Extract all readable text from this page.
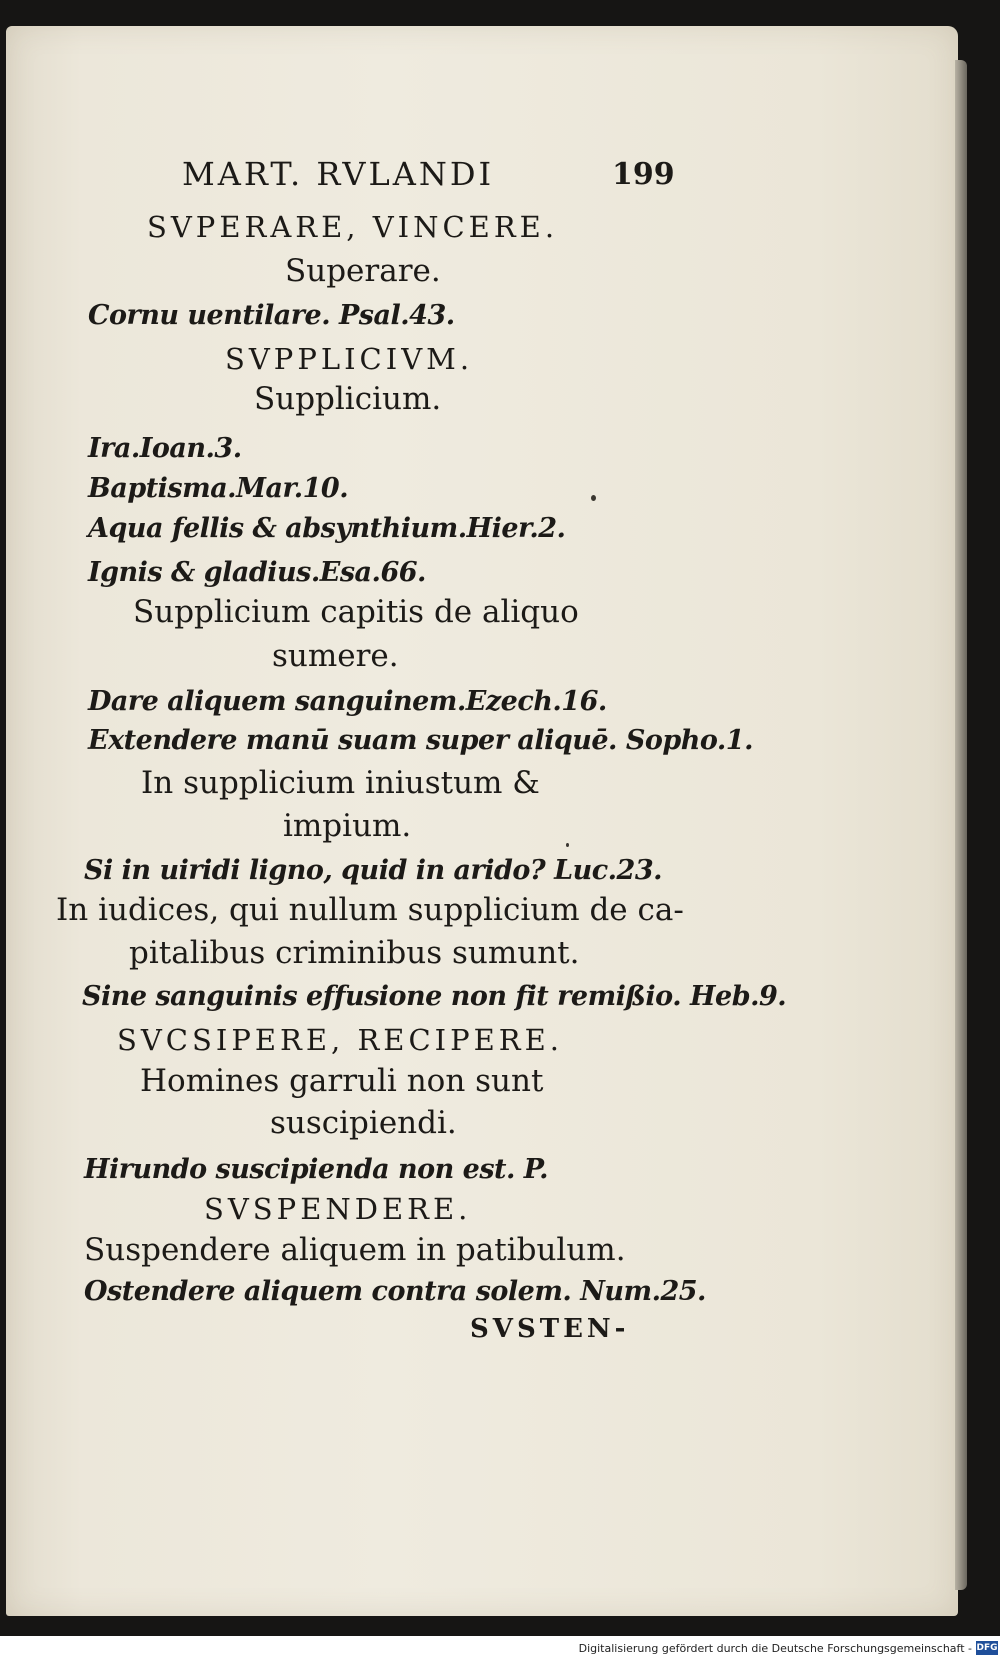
MART. RVLANDI	199
SVPERARE, VINCERE.
Superare.
Cornu uentilare. Psal.43.
SVPPLICIVM.
Supplicium.
Ira.Ioan.3.
Baptisma.Mar.10.
Aqua fellis & absynthium.Hier.2.
Ignis & gladius.Esa.66.
Supplicium capitis de aliquo
sumere.
Dare aliquem sanguinem.Ezech.16.
Extendere manū suam super aliquē. Sopho.1.
In supplicium iniustum &
impium.
Si in uiridi ligno, quid in arido? Luc.23.
In iudices, qui nullum supplicium de ca-
pitalibus criminibus sumunt.
Sine sanguinis effusione non fit remißio. Heb.9.
SVCSIPERE, RECIPERE.
Homines garruli non sunt
suscipiendi.
Hirundo suscipienda non est. P.
SVSPENDERE.
Suspendere aliquem in patibulum.
Ostendere aliquem contra solem. Num.25.
SVSTEN-
Digitalisierung gefördert durch die Deutsche Forschungsgemeinschaft - DFG
